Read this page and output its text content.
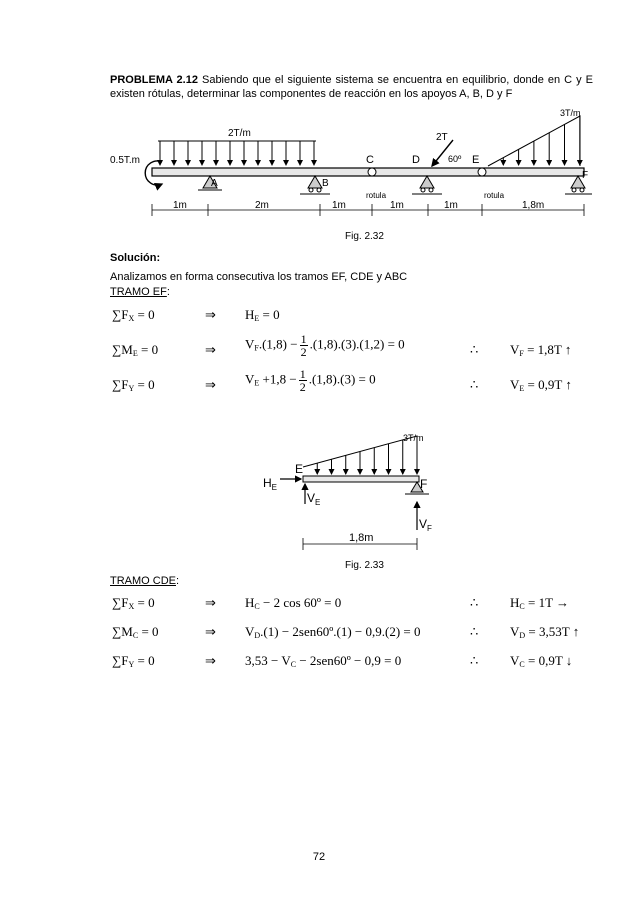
PROBLEMA 2.12 Sabiendo que el siguiente sistema se encuentra en equilibrio, donde en C y E existen rótulas, determinar las componentes de reacción en los apoyos A, B, D y F
2T/m
0.5T.m
A	B
C
rotula
2T
60º
D	E
rotula
3T/m
F
1m	2m	1m	1m	1m	1,8m
Fig. 2.32
Solución:
Analizamos en forma consecutiva los tramos EF, CDE y ABC
TRAMO EF:
$\sum F_X = 0$	⇒ $H_E = 0$
$\sum M_E = 0$	⇒ $V_F.(1,8) - \frac{1}{2} .(1,8).(3).(1,2) = 0$	∴ $V_F = 1,8T$ ↑
$\sum F_Y = 0$	⇒ $V_E +1,8 - \frac{1}{2} .(1,8).(3) = 0$	∴ $V_E = 0,9T$ ↑
3T/m
E
F
$H_E$
$V_E$
$V_F$
1,8m
Fig. 2.33
TRAMO CDE:
$\sum F_X = 0$	⇒ $H_C - 2$ cos 60º = 0	∴ $H_C = 1T$ →
$\sum M_C = 0$	⇒ $V_D.(1)$ − 2sen60º.(1) − 0,9.(2) = 0	∴ $V_D = 3,53T$ ↑
$\sum F_Y = 0$	⇒ $3,53 - V_C$ − 2sen60º − 0,9 = 0	∴ $V_C = 0,9T$ ↓
72
